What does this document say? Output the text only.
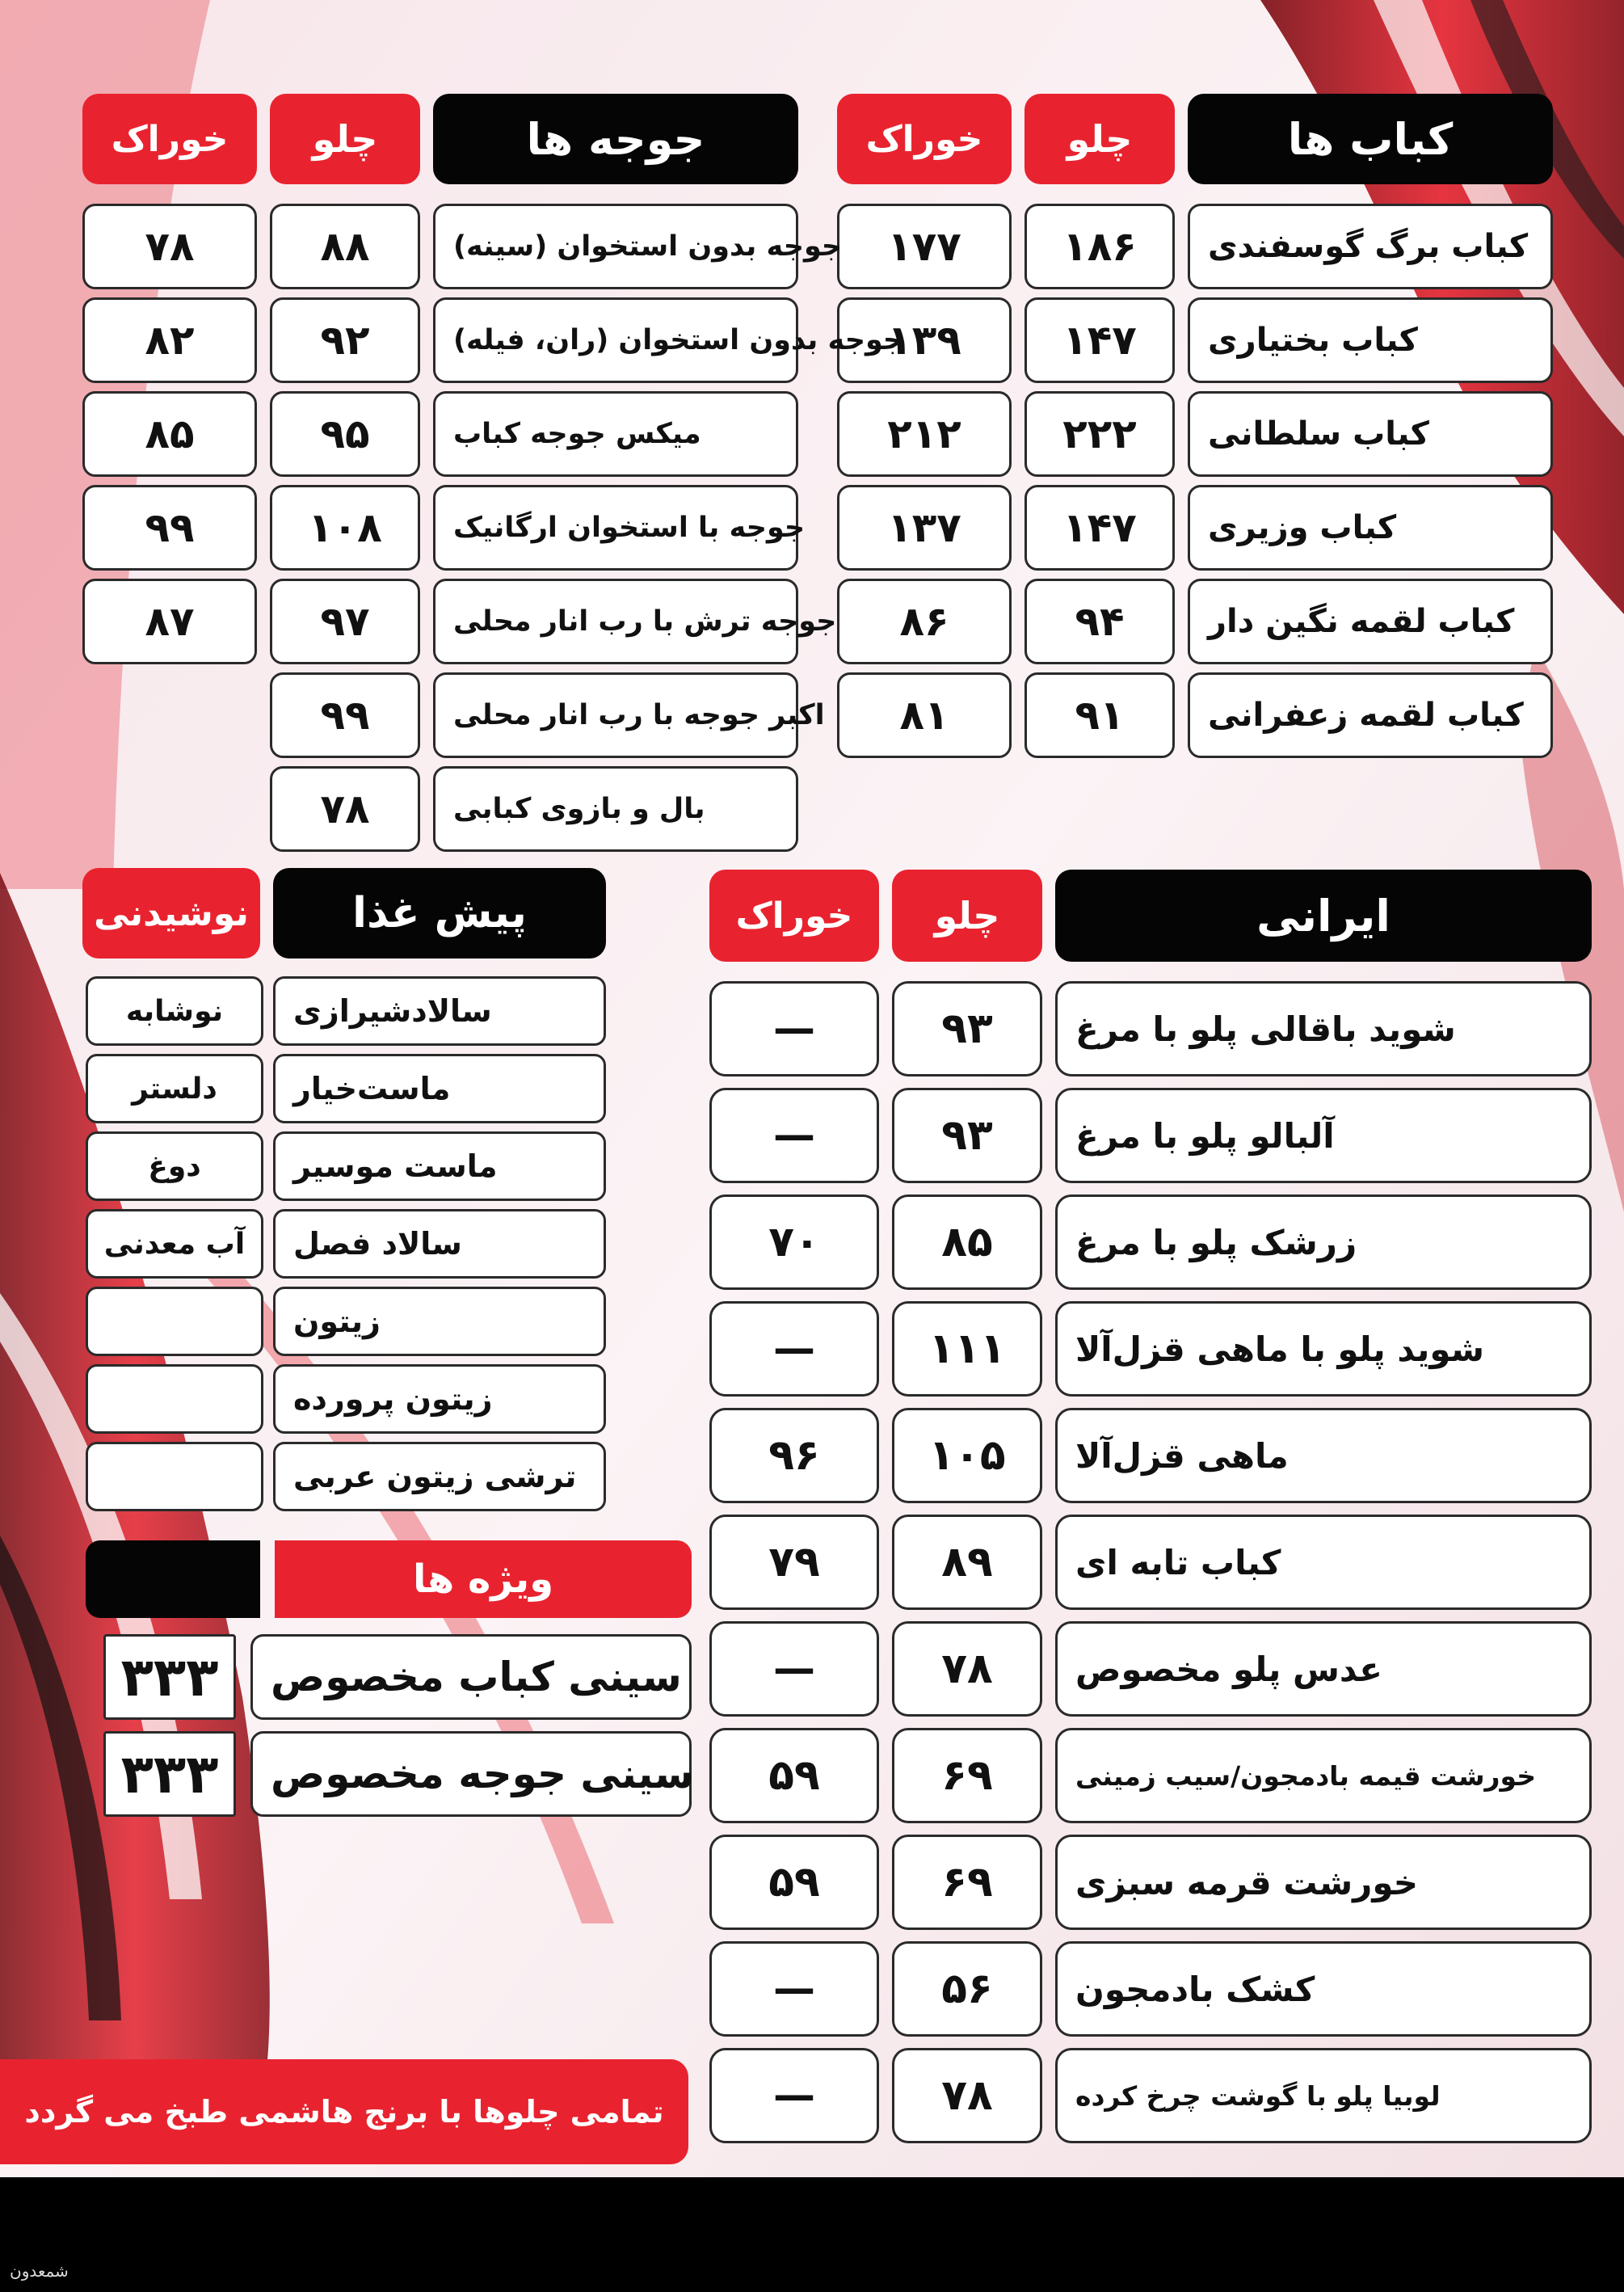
کباب ها
چلو
خوراک
کباب برگ گوسفندی
۱۸۶
۱۷۷
کباب بختیاری
۱۴۷
۱۳۹
کباب سلطانی
۲۲۲
۲۱۲
کباب وزیری
۱۴۷
۱۳۷
کباب لقمه نگین دار
۹۴
۸۶
کباب لقمه زعفرانی
۹۱
۸۱
جوجه ها
چلو
خوراک
جوجه بدون استخوان (سینه)
۸۸
۷۸
جوجه بدون استخوان (ران، فیله)
۹۲
۸۲
میکس جوجه کباب
۹۵
۸۵
جوجه با استخوان ارگانیک
۱۰۸
۹۹
جوجه ترش با رب انار محلی
۹۷
۸۷
اکبر جوجه با رب انار محلی
۹۹
بال و بازوی کبابی
۷۸
ایرانی
چلو
خوراک
شوید باقالی پلو با مرغ
۹۳
—
آلبالو پلو با مرغ
۹۳
—
زرشک پلو با مرغ
۸۵
۷۰
شوید پلو با ماهی قزل‌آلا
۱۱۱
—
ماهی قزل‌آلا
۱۰۵
۹۶
کباب تابه ای
۸۹
۷۹
عدس پلو مخصوص
۷۸
—
خورشت قیمه بادمجون/سیب زمینی
۶۹
۵۹
خورشت قرمه سبزی
۶۹
۵۹
کشک بادمجون
۵۶
—
لوبیا پلو با گوشت چرخ کرده
۷۸
—
پیش غذا
نوشیدنی
سالادشیرازی
نوشابه
ماست‌خیار
دلستر
ماست موسیر
دوغ
سالاد فصل
آب معدنی
زیتون
زیتون پرورده
ترشی زیتون عربی
ویژه ها
سینی کباب مخصوص
۳۳۳
سینی جوجه مخصوص
۳۳۳
تمامی چلوها با برنج هاشمی طبخ می گردد
شمعدون
